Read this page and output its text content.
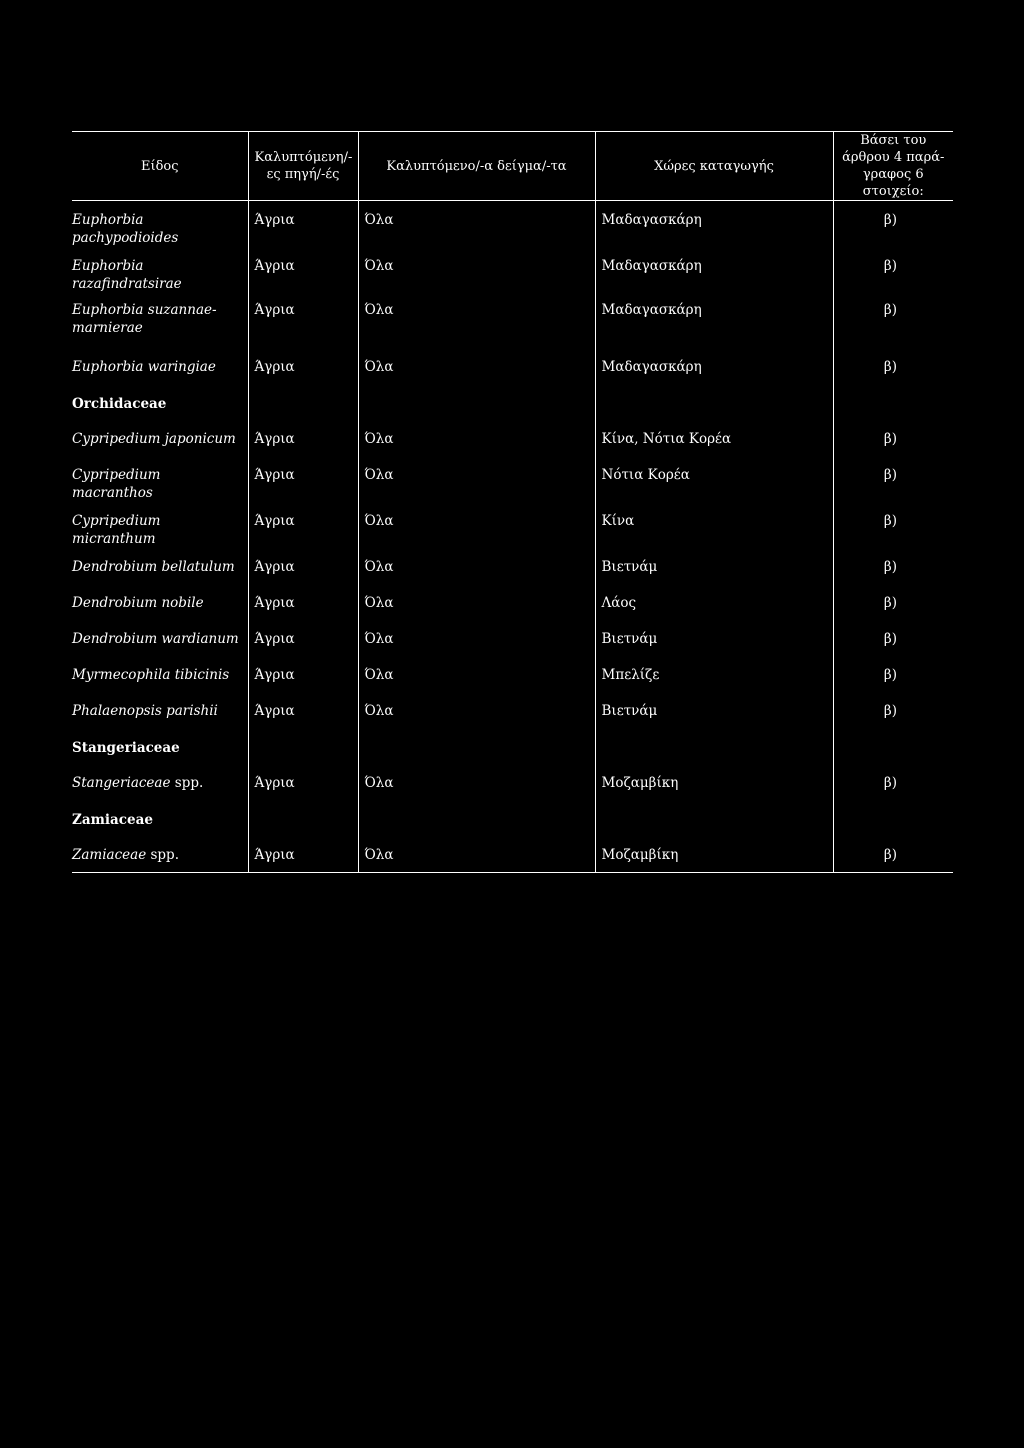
Είδος	Καλυπτόμενη/-ες πηγή/-ές	Καλυπτόμενο/-α δείγμα/-τα	Χώρες καταγωγής	Βάσει του άρθρου 4 παρά- γραφος 6 στοιχείο:
Euphorbia pachypodioides	Άγρια	Όλα	Μαδαγασκάρη	β)
Euphorbia razafindratsirae	Άγρια	Όλα	Μαδαγασκάρη	β)
Euphorbia suzannae-marnierae	Άγρια	Όλα	Μαδαγασκάρη	β)
Euphorbia waringiae	Άγρια	Όλα	Μαδαγασκάρη	β)
Orchidaceae				
Cypripedium japonicum	Άγρια	Όλα	Κίνα, Νότια Κορέα	β)
Cypripedium macranthos	Άγρια	Όλα	Νότια Κορέα	β)
Cypripedium micranthum	Άγρια	Όλα	Κίνα	β)
Dendrobium bellatulum	Άγρια	Όλα	Βιετνάμ	β)
Dendrobium nobile	Άγρια	Όλα	Λάος	β)
Dendrobium wardianum	Άγρια	Όλα	Βιετνάμ	β)
Myrmecophila tibicinis	Άγρια	Όλα	Μπελίζε	β)
Phalaenopsis parishii	Άγρια	Όλα	Βιετνάμ	β)
Stangeriaceae				
Stangeriaceae spp.	Άγρια	Όλα	Μοζαμβίκη	β)
Zamiaceae				
Zamiaceae spp.	Άγρια	Όλα	Μοζαμβίκη	β)
